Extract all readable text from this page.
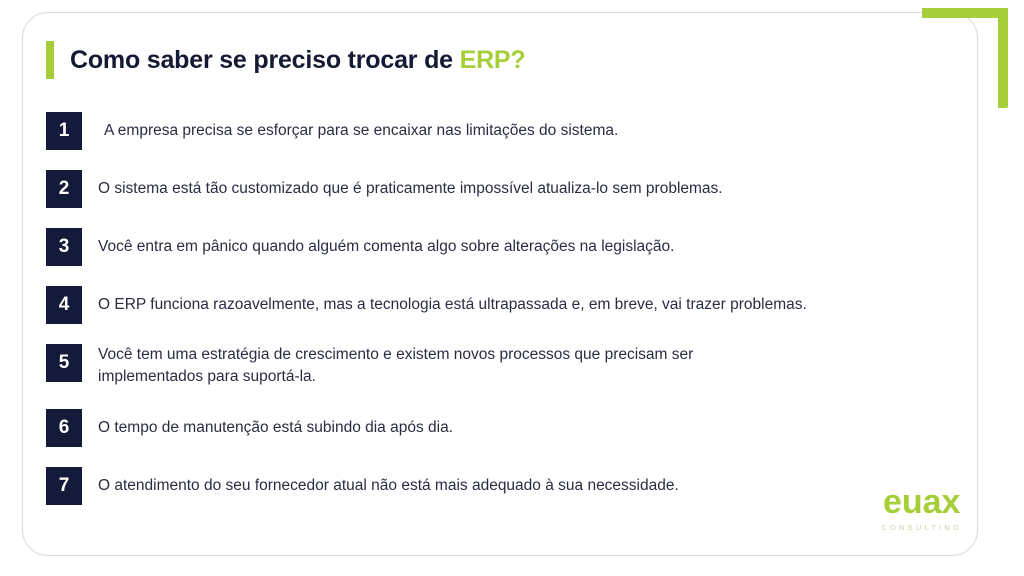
Como saber se preciso trocar de ERP?
1	A empresa precisa se esforçar para se encaixar nas limitações do sistema.
2	O sistema está tão customizado que é praticamente impossível atualiza-lo sem problemas.
3	Você entra em pânico quando alguém comenta algo sobre alterações na legislação.
4	O ERP funciona razoavelmente, mas a tecnologia está ultrapassada e, em breve, vai trazer problemas.
5	Você tem uma estratégia de crescimento e existem novos processos que precisam ser implementados para suportá-la.
6	O tempo de manutenção está subindo dia após dia.
7	O atendimento do seu fornecedor atual não está mais adequado à sua necessidade.	euax
CONSULTING
